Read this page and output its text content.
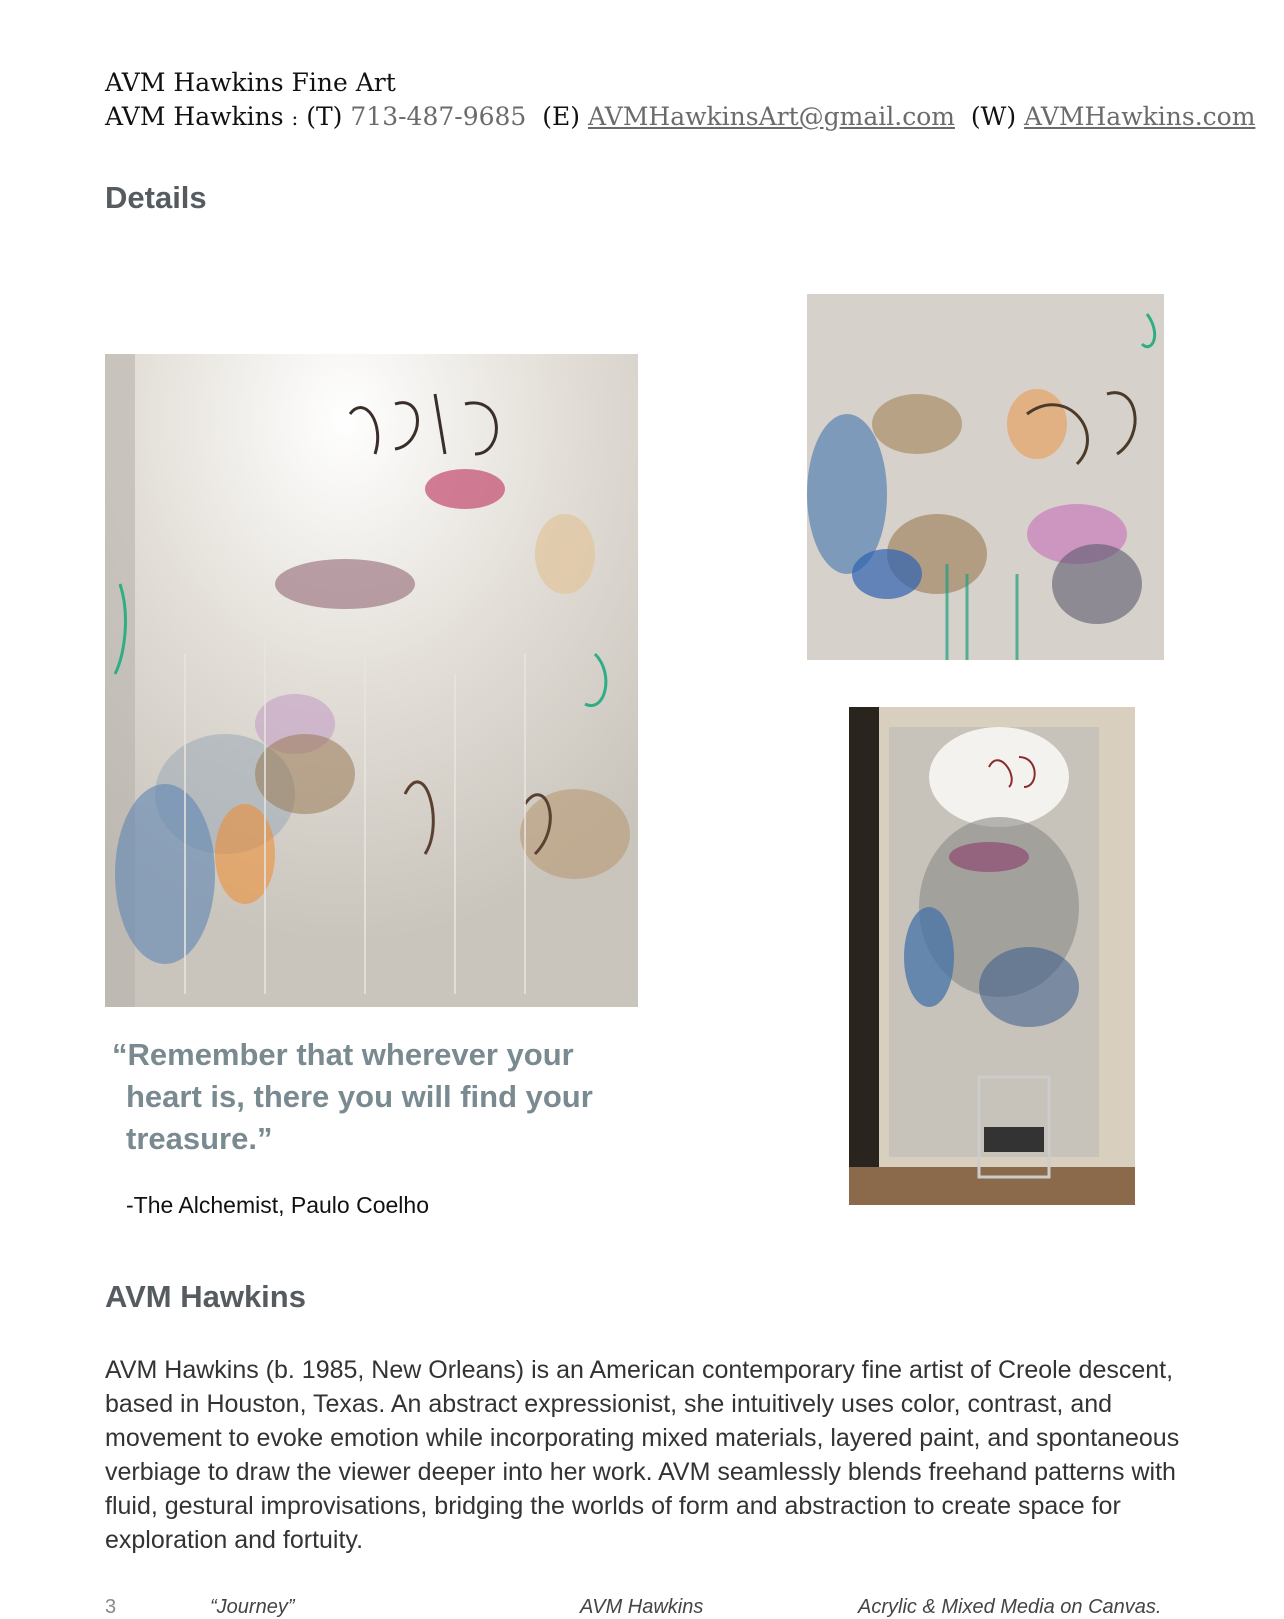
AVM Hawkins Fine Art
AVM Hawkins : (T) 713-487-9685 (E) AVMHawkinsArt@gmail.com (W) AVMHawkins.com
Details
“Remember that wherever your heart is, there you will find your treasure.”
-The Alchemist, Paulo Coelho
AVM Hawkins
AVM Hawkins (b. 1985, New Orleans) is an American contemporary fine artist of Creole descent, based in Houston, Texas. An abstract expressionist, she intuitively uses color, contrast, and movement to evoke emotion while incorporating mixed materials, layered paint, and spontaneous verbiage to draw the viewer deeper into her work. AVM seamlessly blends freehand patterns with fluid, gestural improvisations, bridging the worlds of form and abstraction to create space for exploration and fortuity.
3	“Journey”	AVM Hawkins	Acrylic & Mixed Media on Canvas.
